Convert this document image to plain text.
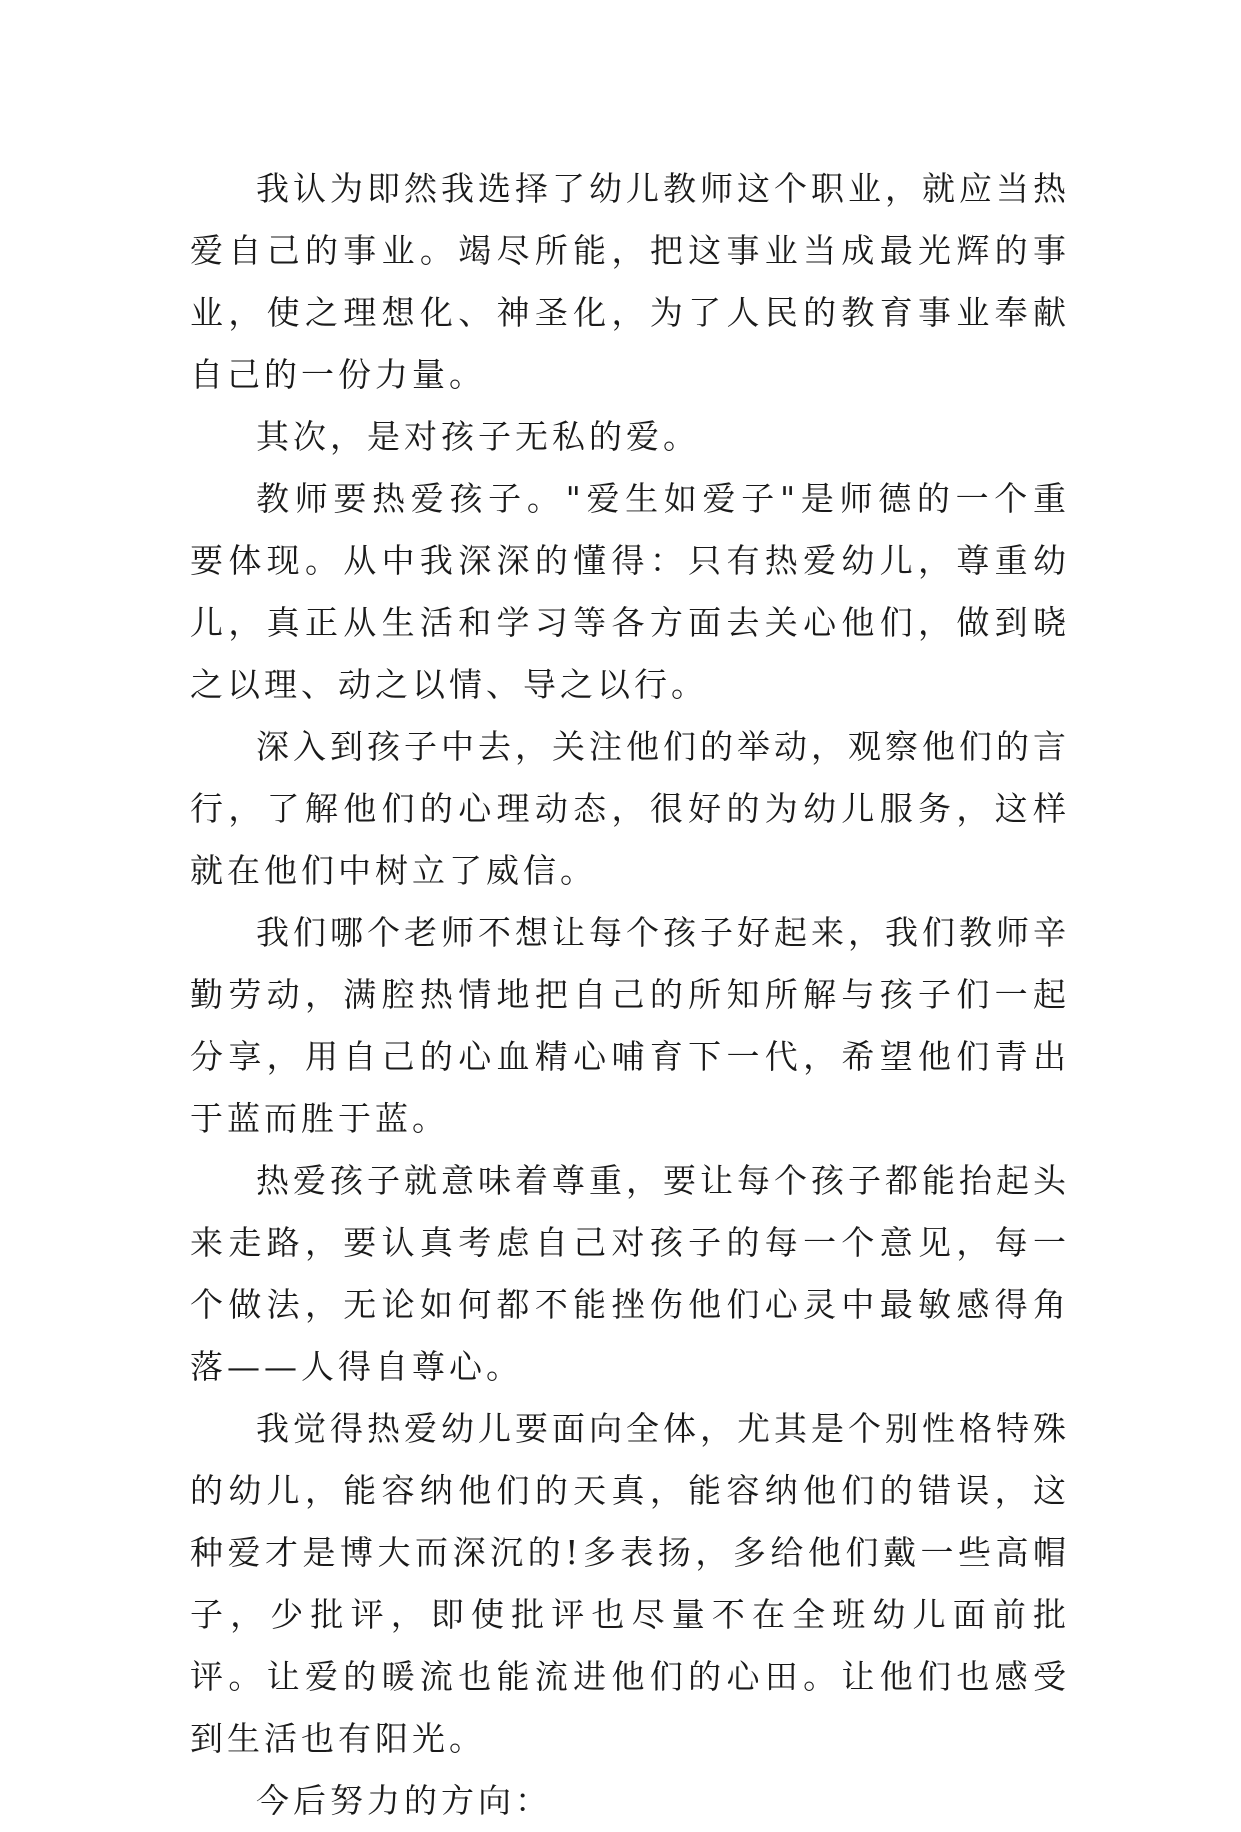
我认为即然我选择了幼儿教师这个职业，就应当热爱自己的事业。竭尽所能，把这事业当成最光辉的事业，使之理想化、神圣化，为了人民的教育事业奉献自己的一份力量。

其次，是对孩子无私的爱。

教师要热爱孩子。"爱生如爱子"是师德的一个重要体现。从中我深深的懂得：只有热爱幼儿，尊重幼儿，真正从生活和学习等各方面去关心他们，做到晓之以理、动之以情、导之以行。

深入到孩子中去，关注他们的举动，观察他们的言行，了解他们的心理动态，很好的为幼儿服务，这样就在他们中树立了威信。

我们哪个老师不想让每个孩子好起来，我们教师辛勤劳动，满腔热情地把自己的所知所解与孩子们一起分享，用自己的心血精心哺育下一代，希望他们青出于蓝而胜于蓝。

热爱孩子就意味着尊重，要让每个孩子都能抬起头来走路，要认真考虑自己对孩子的每一个意见，每一个做法，无论如何都不能挫伤他们心灵中最敏感得角落——人得自尊心。

我觉得热爱幼儿要面向全体，尤其是个别性格特殊的幼儿，能容纳他们的天真，能容纳他们的错误，这种爱才是博大而深沉的!多表扬，多给他们戴一些高帽子，少批评，即使批评也尽量不在全班幼儿面前批评。让爱的暖流也能流进他们的心田。让他们也感受到生活也有阳光。

今后努力的方向：
